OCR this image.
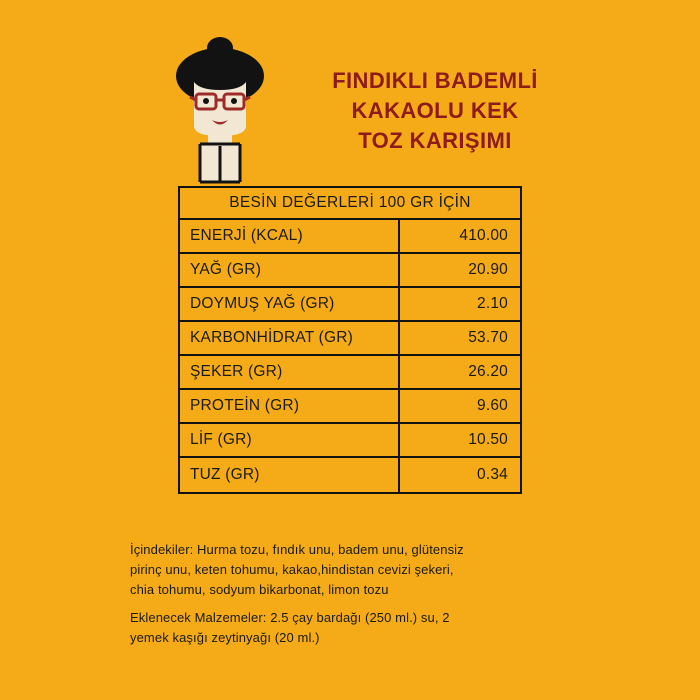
FINDIKLI BADEMLİ
KAKAOLU KEK
TOZ KARIŞIMI
BESİN DEĞERLERİ 100 GR İÇİN
ENERJİ (KCAL)	410.00
YAĞ (GR)	20.90
DOYMUŞ YAĞ (GR)	2.10
KARBONHİDRAT (GR)	53.70
ŞEKER (GR)	26.20
PROTEİN (GR)	9.60
LİF (GR)	10.50
TUZ (GR)	0.34
İçindekiler: Hurma tozu, fındık unu, badem unu, glütensiz
pirinç unu, keten tohumu, kakao,hindistan cevizi şekeri,
chia tohumu, sodyum bikarbonat, limon tozu
Eklenecek Malzemeler: 2.5 çay bardağı (250 ml.) su, 2
yemek kaşığı zeytinyağı (20 ml.)
